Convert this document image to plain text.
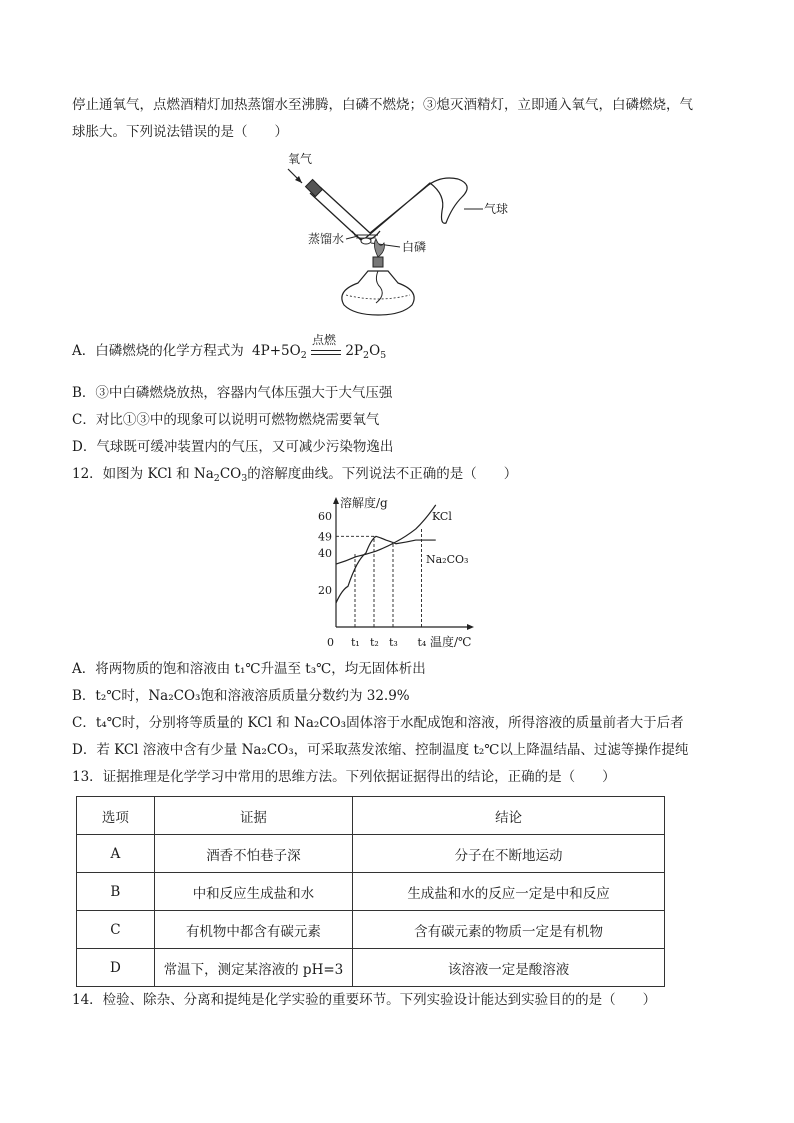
停止通氧气，点燃酒精灯加热蒸馏水至沸腾，白磷不燃烧；③熄灭酒精灯，立即通入氧气，白磷燃烧，气
球胀大。下列说法错误的是（　　）
氧气
气球
蒸馏水
白磷
A．白磷燃烧的化学方程式为 $4P+5O_2$
点燃
$2P_2O_5$
B．③中白磷燃烧放热，容器内气体压强大于大气压强
C．对比①③中的现象可以说明可燃物燃烧需要氧气
D．气球既可缓冲装置内的气压，又可减少污染物逸出
12．如图为 KCl 和 $Na_2CO_3$的溶解度曲线。下列说法不正确的是（　　）
溶解度/g
温度/℃
0
20
40
49
60
t₁ t₂ t₃ t₄
KCl
Na₂CO₃
A．将两物质的饱和溶液由 t₁℃升温至 t₃℃，均无固体析出
B．t₂℃时，Na₂CO₃饱和溶液溶质质量分数约为 32.9%
C．t₄℃时，分别将等质量的 KCl 和 Na₂CO₃固体溶于水配成饱和溶液，所得溶液的质量前者大于后者
D．若 KCl 溶液中含有少量 Na₂CO₃，可采取蒸发浓缩、控制温度 t₂℃以上降温结晶、过滤等操作提纯
13．证据推理是化学学习中常用的思维方法。下列依据证据得出的结论，正确的是（　　）
选项	证据	结论
A	酒香不怕巷子深	分子在不断地运动
B	中和反应生成盐和水	生成盐和水的反应一定是中和反应
C	有机物中都含有碳元素	含有碳元素的物质一定是有机物
D	常温下，测定某溶液的 pH=3	该溶液一定是酸溶液
14．检验、除杂、分离和提纯是化学实验的重要环节。下列实验设计能达到实验目的的是（　　）
